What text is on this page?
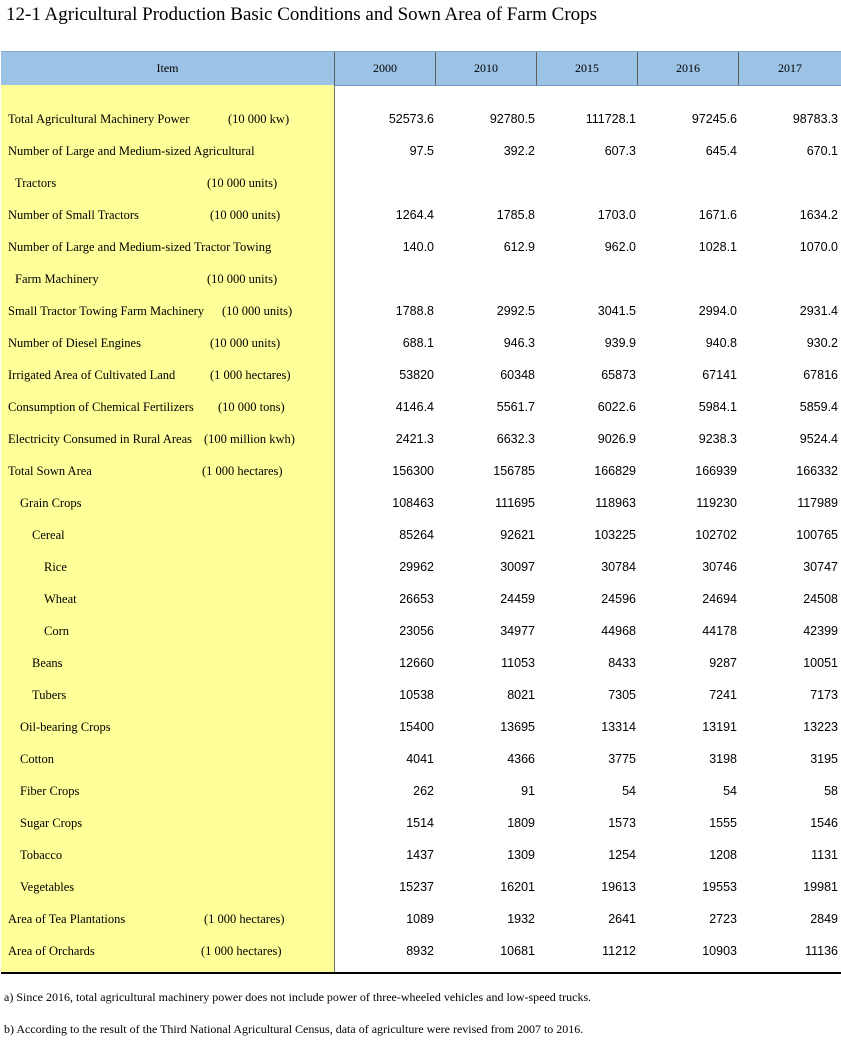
12-1 Agricultural Production Basic Conditions and Sown Area of Farm Crops
Item	2000	2010	2015	2016	2017
Total Agricultural Machinery Power	(10 000 kw)	52573.6	92780.5	111728.1	97245.6	98783.3
Number of Large and Medium-sized Agricultural	97.5	392.2	607.3	645.4	670.1
Tractors	(10 000 units)
Number of Small Tractors	(10 000 units)	1264.4	1785.8	1703.0	1671.6	1634.2
Number of Large and Medium-sized Tractor Towing	140.0	612.9	962.0	1028.1	1070.0
Farm Machinery	(10 000 units)
Small Tractor Towing Farm Machinery (10 000 units)	1788.8	2992.5	3041.5	2994.0	2931.4
Number of Diesel Engines	(10 000 units)	688.1	946.3	939.9	940.8	930.2
Irrigated Area of Cultivated Land	(1 000 hectares)	53820	60348	65873	67141	67816
Consumption of Chemical Fertilizers (10 000 tons)	4146.4	5561.7	6022.6	5984.1	5859.4
Electricity Consumed in Rural Areas (100 million kwh)	2421.3	6632.3	9026.9	9238.3	9524.4
Total Sown Area	(1 000 hectares)	156300	156785	166829	166939	166332
Grain Crops	108463	111695	118963	119230	117989
Cereal	85264	92621	103225	102702	100765
Rice	29962	30097	30784	30746	30747
Wheat	26653	24459	24596	24694	24508
Corn	23056	34977	44968	44178	42399
Beans	12660	11053	8433	9287	10051
Tubers	10538	8021	7305	7241	7173
Oil-bearing Crops	15400	13695	13314	13191	13223
Cotton	4041	4366	3775	3198	3195
Fiber Crops	262	91	54	54	58
Sugar Crops	1514	1809	1573	1555	1546
Tobacco	1437	1309	1254	1208	1131
Vegetables	15237	16201	19613	19553	19981
Area of Tea Plantations	(1 000 hectares)	1089	1932	2641	2723	2849
Area of Orchards	(1 000 hectares)	8932	10681	11212	10903	11136
a) Since 2016, total agricultural machinery power does not include power of three-wheeled vehicles and low-speed trucks.
b) According to the result of the Third National Agricultural Census, data of agriculture were revised from 2007 to 2016.
